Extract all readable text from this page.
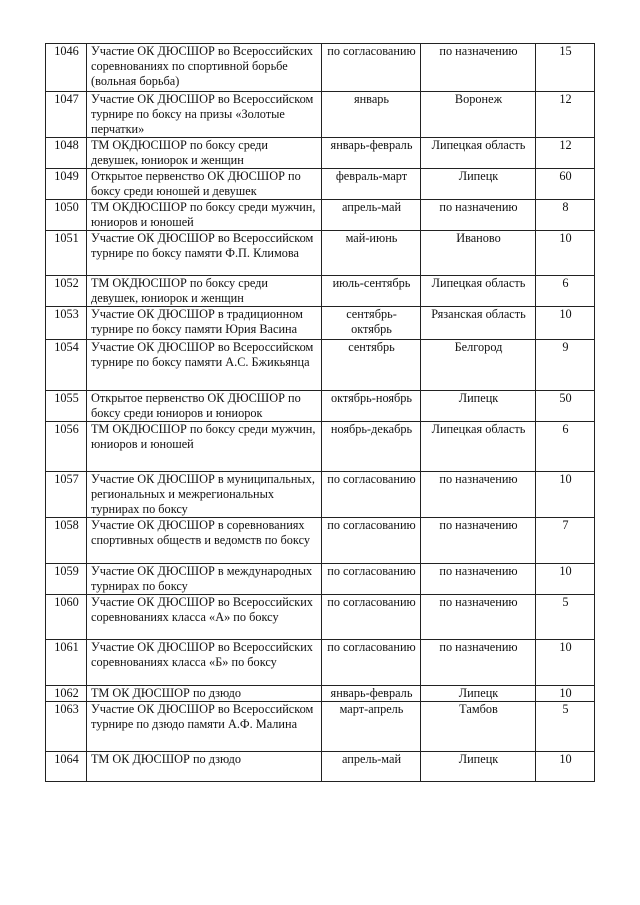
1046	Участие ОК ДЮСШОР во Всероссийских соревнованиях по спортивной борьбе (вольная борьба)	по согласованию	по назначению	15
1047	Участие ОК ДЮСШОР во Всероссийском турнире по боксу на призы «Золотые перчатки»	январь	Воронеж	12
1048	ТМ ОКДЮСШОР по боксу среди девушек, юниорок и женщин	январь-февраль	Липецкая область	12
1049	Открытое первенство ОК ДЮСШОР по боксу среди юношей и девушек	февраль-март	Липецк	60
1050	ТМ ОКДЮСШОР по боксу среди мужчин, юниоров и юношей	апрель-май	по назначению	8
1051	Участие ОК ДЮСШОР во Всероссийском турнире по боксу памяти Ф.П. Климова	май-июнь	Иваново	10
1052	ТМ ОКДЮСШОР по боксу среди девушек, юниорок и женщин	июль-сентябрь	Липецкая область	6
1053	Участие ОК ДЮСШОР в традиционном турнире по боксу памяти Юрия Васина	сентябрь-октябрь	Рязанская область	10
1054	Участие ОК ДЮСШОР во Всероссийском турнире по боксу памяти А.С. Бжикьянца	сентябрь	Белгород	9
1055	Открытое первенство ОК ДЮСШОР по боксу среди юниоров и юниорок	октябрь-ноябрь	Липецк	50
1056	ТМ ОКДЮСШОР по боксу среди мужчин, юниоров и юношей	ноябрь-декабрь	Липецкая область	6
1057	Участие ОК ДЮСШОР в муниципальных, региональных и межрегиональных турнирах по боксу	по согласованию	по назначению	10
1058	Участие ОК ДЮСШОР в соревнованиях спортивных обществ и ведомств по боксу	по согласованию	по назначению	7
1059	Участие ОК ДЮСШОР в международных турнирах по боксу	по согласованию	по назначению	10
1060	Участие ОК ДЮСШОР во Всероссийских соревнованиях класса «А» по боксу	по согласованию	по назначению	5
1061	Участие ОК ДЮСШОР во Всероссийских соревнованиях класса «Б» по боксу	по согласованию	по назначению	10
1062	ТМ ОК ДЮСШОР по дзюдо	январь-февраль	Липецк	10
1063	Участие ОК ДЮСШОР во Всероссийском турнире по дзюдо памяти А.Ф. Малина	март-апрель	Тамбов	5
1064	ТМ ОК ДЮСШОР по дзюдо	апрель-май	Липецк	10
